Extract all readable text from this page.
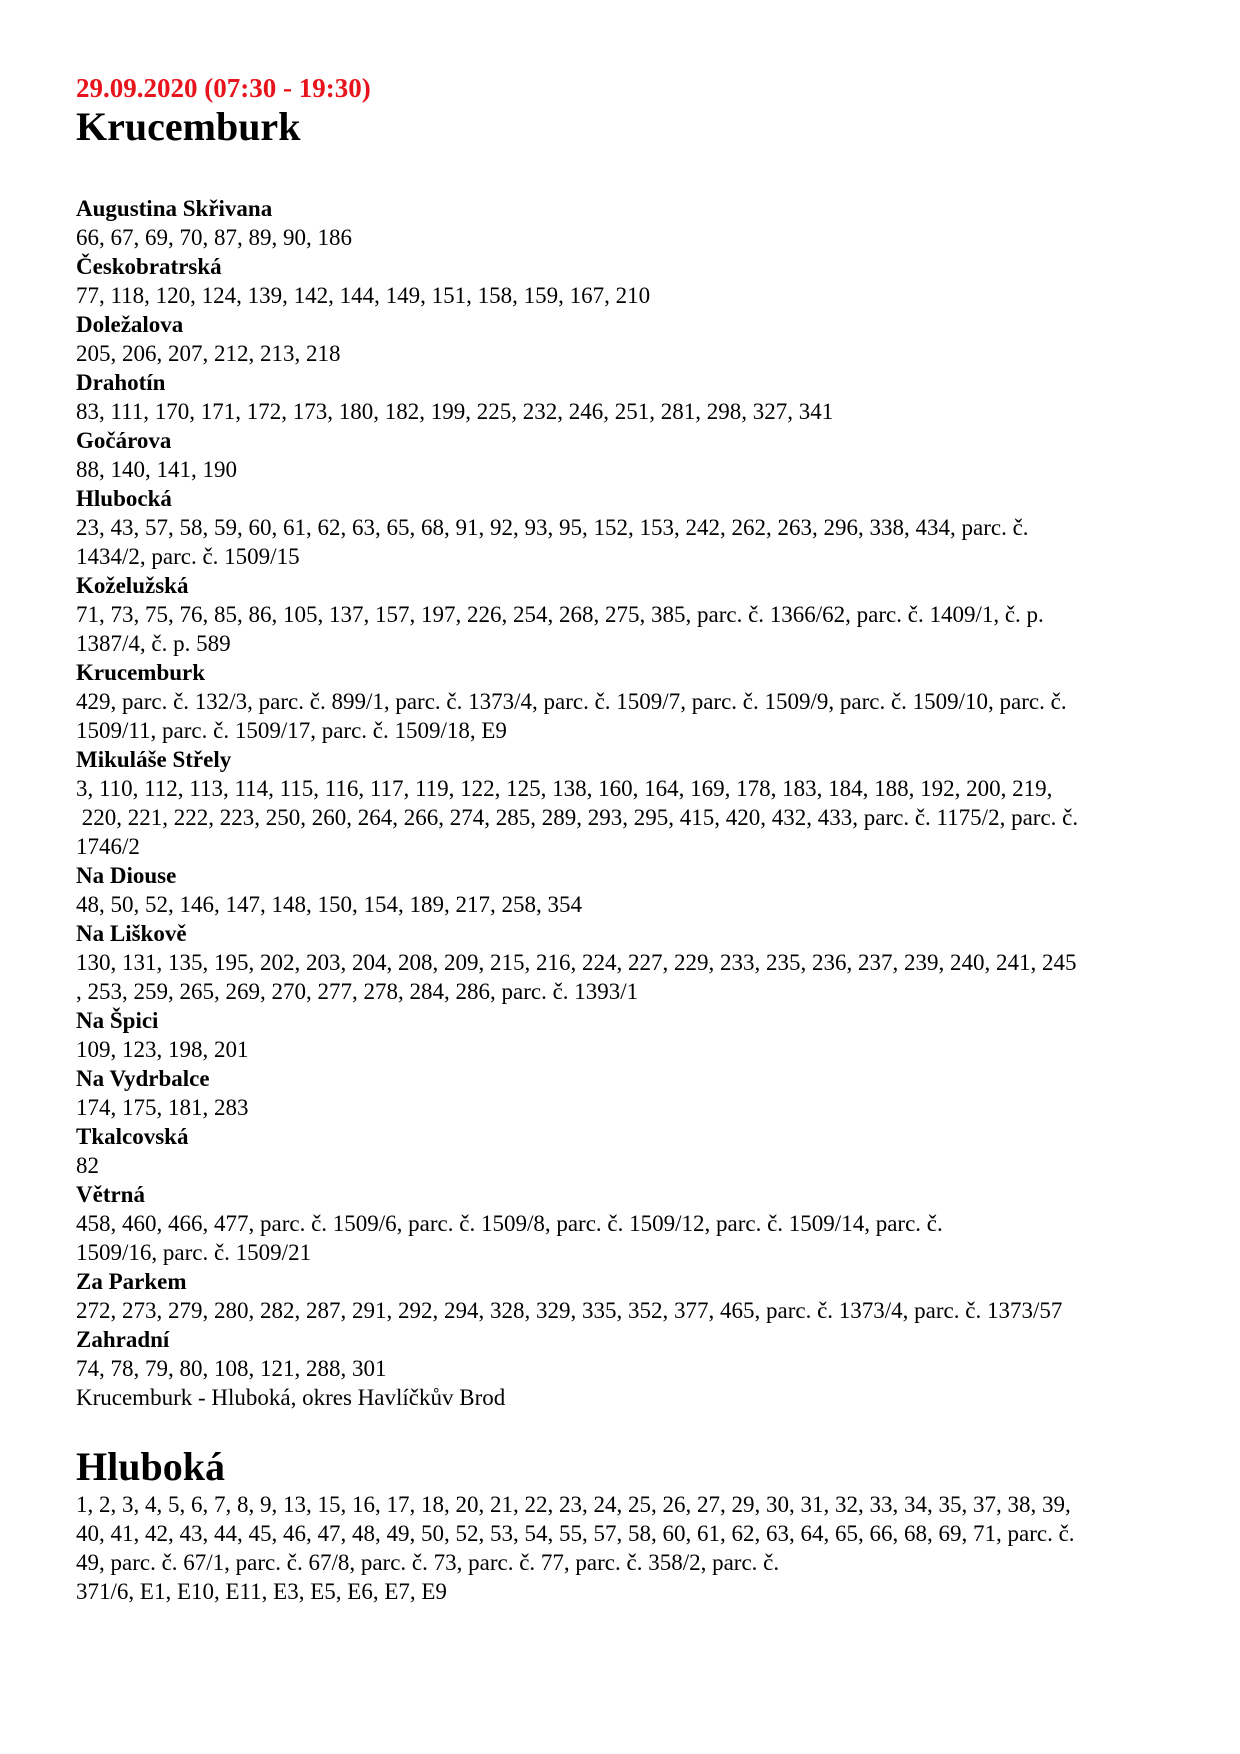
29.09.2020 (07:30 - 19:30)

Krucemburk

Augustina Skřivana

66, 67, 69, 70, 87, 89, 90, 186

Českobratrská

77, 118, 120, 124, 139, 142, 144, 149, 151, 158, 159, 167, 210

Doležalova

205, 206, 207, 212, 213, 218

Drahotín

83, 111, 170, 171, 172, 173, 180, 182, 199, 225, 232, 246, 251, 281, 298, 327, 341

Gočárova

88, 140, 141, 190

Hlubocká

23, 43, 57, 58, 59, 60, 61, 62, 63, 65, 68, 91, 92, 93, 95, 152, 153, 242, 262, 263, 296, 338, 434, parc. č.
1434/2, parc. č. 1509/15

Koželužská

71, 73, 75, 76, 85, 86, 105, 137, 157, 197, 226, 254, 268, 275, 385, parc. č. 1366/62, parc. č. 1409/1, č. p.
1387/4, č. p. 589

Krucemburk

429, parc. č. 132/3, parc. č. 899/1, parc. č. 1373/4, parc. č. 1509/7, parc. č. 1509/9, parc. č. 1509/10, parc. č.
1509/11, parc. č. 1509/17, parc. č. 1509/18, E9

Mikuláše Střely

3, 110, 112, 113, 114, 115, 116, 117, 119, 122, 125, 138, 160, 164, 169, 178, 183, 184, 188, 192, 200, 219,
220, 221, 222, 223, 250, 260, 264, 266, 274, 285, 289, 293, 295, 415, 420, 432, 433, parc. č. 1175/2, parc. č.
1746/2

Na Diouse

48, 50, 52, 146, 147, 148, 150, 154, 189, 217, 258, 354

Na Liškově

130, 131, 135, 195, 202, 203, 204, 208, 209, 215, 216, 224, 227, 229, 233, 235, 236, 237, 239, 240, 241, 245
, 253, 259, 265, 269, 270, 277, 278, 284, 286, parc. č. 1393/1

Na Špici

109, 123, 198, 201

Na Vydrbalce

174, 175, 181, 283

Tkalcovská

82

Větrná

458, 460, 466, 477, parc. č. 1509/6, parc. č. 1509/8, parc. č. 1509/12, parc. č. 1509/14, parc. č.
1509/16, parc. č. 1509/21

Za Parkem

272, 273, 279, 280, 282, 287, 291, 292, 294, 328, 329, 335, 352, 377, 465, parc. č. 1373/4, parc. č. 1373/57

Zahradní

74, 78, 79, 80, 108, 121, 288, 301

Krucemburk - Hluboká, okres Havlíčkův Brod

Hluboká

1, 2, 3, 4, 5, 6, 7, 8, 9, 13, 15, 16, 17, 18, 20, 21, 22, 23, 24, 25, 26, 27, 29, 30, 31, 32, 33, 34, 35, 37, 38, 39,
40, 41, 42, 43, 44, 45, 46, 47, 48, 49, 50, 52, 53, 54, 55, 57, 58, 60, 61, 62, 63, 64, 65, 66, 68, 69, 71, parc. č.
49, parc. č. 67/1, parc. č. 67/8, parc. č. 73, parc. č. 77, parc. č. 358/2, parc. č.
371/6, E1, E10, E11, E3, E5, E6, E7, E9
